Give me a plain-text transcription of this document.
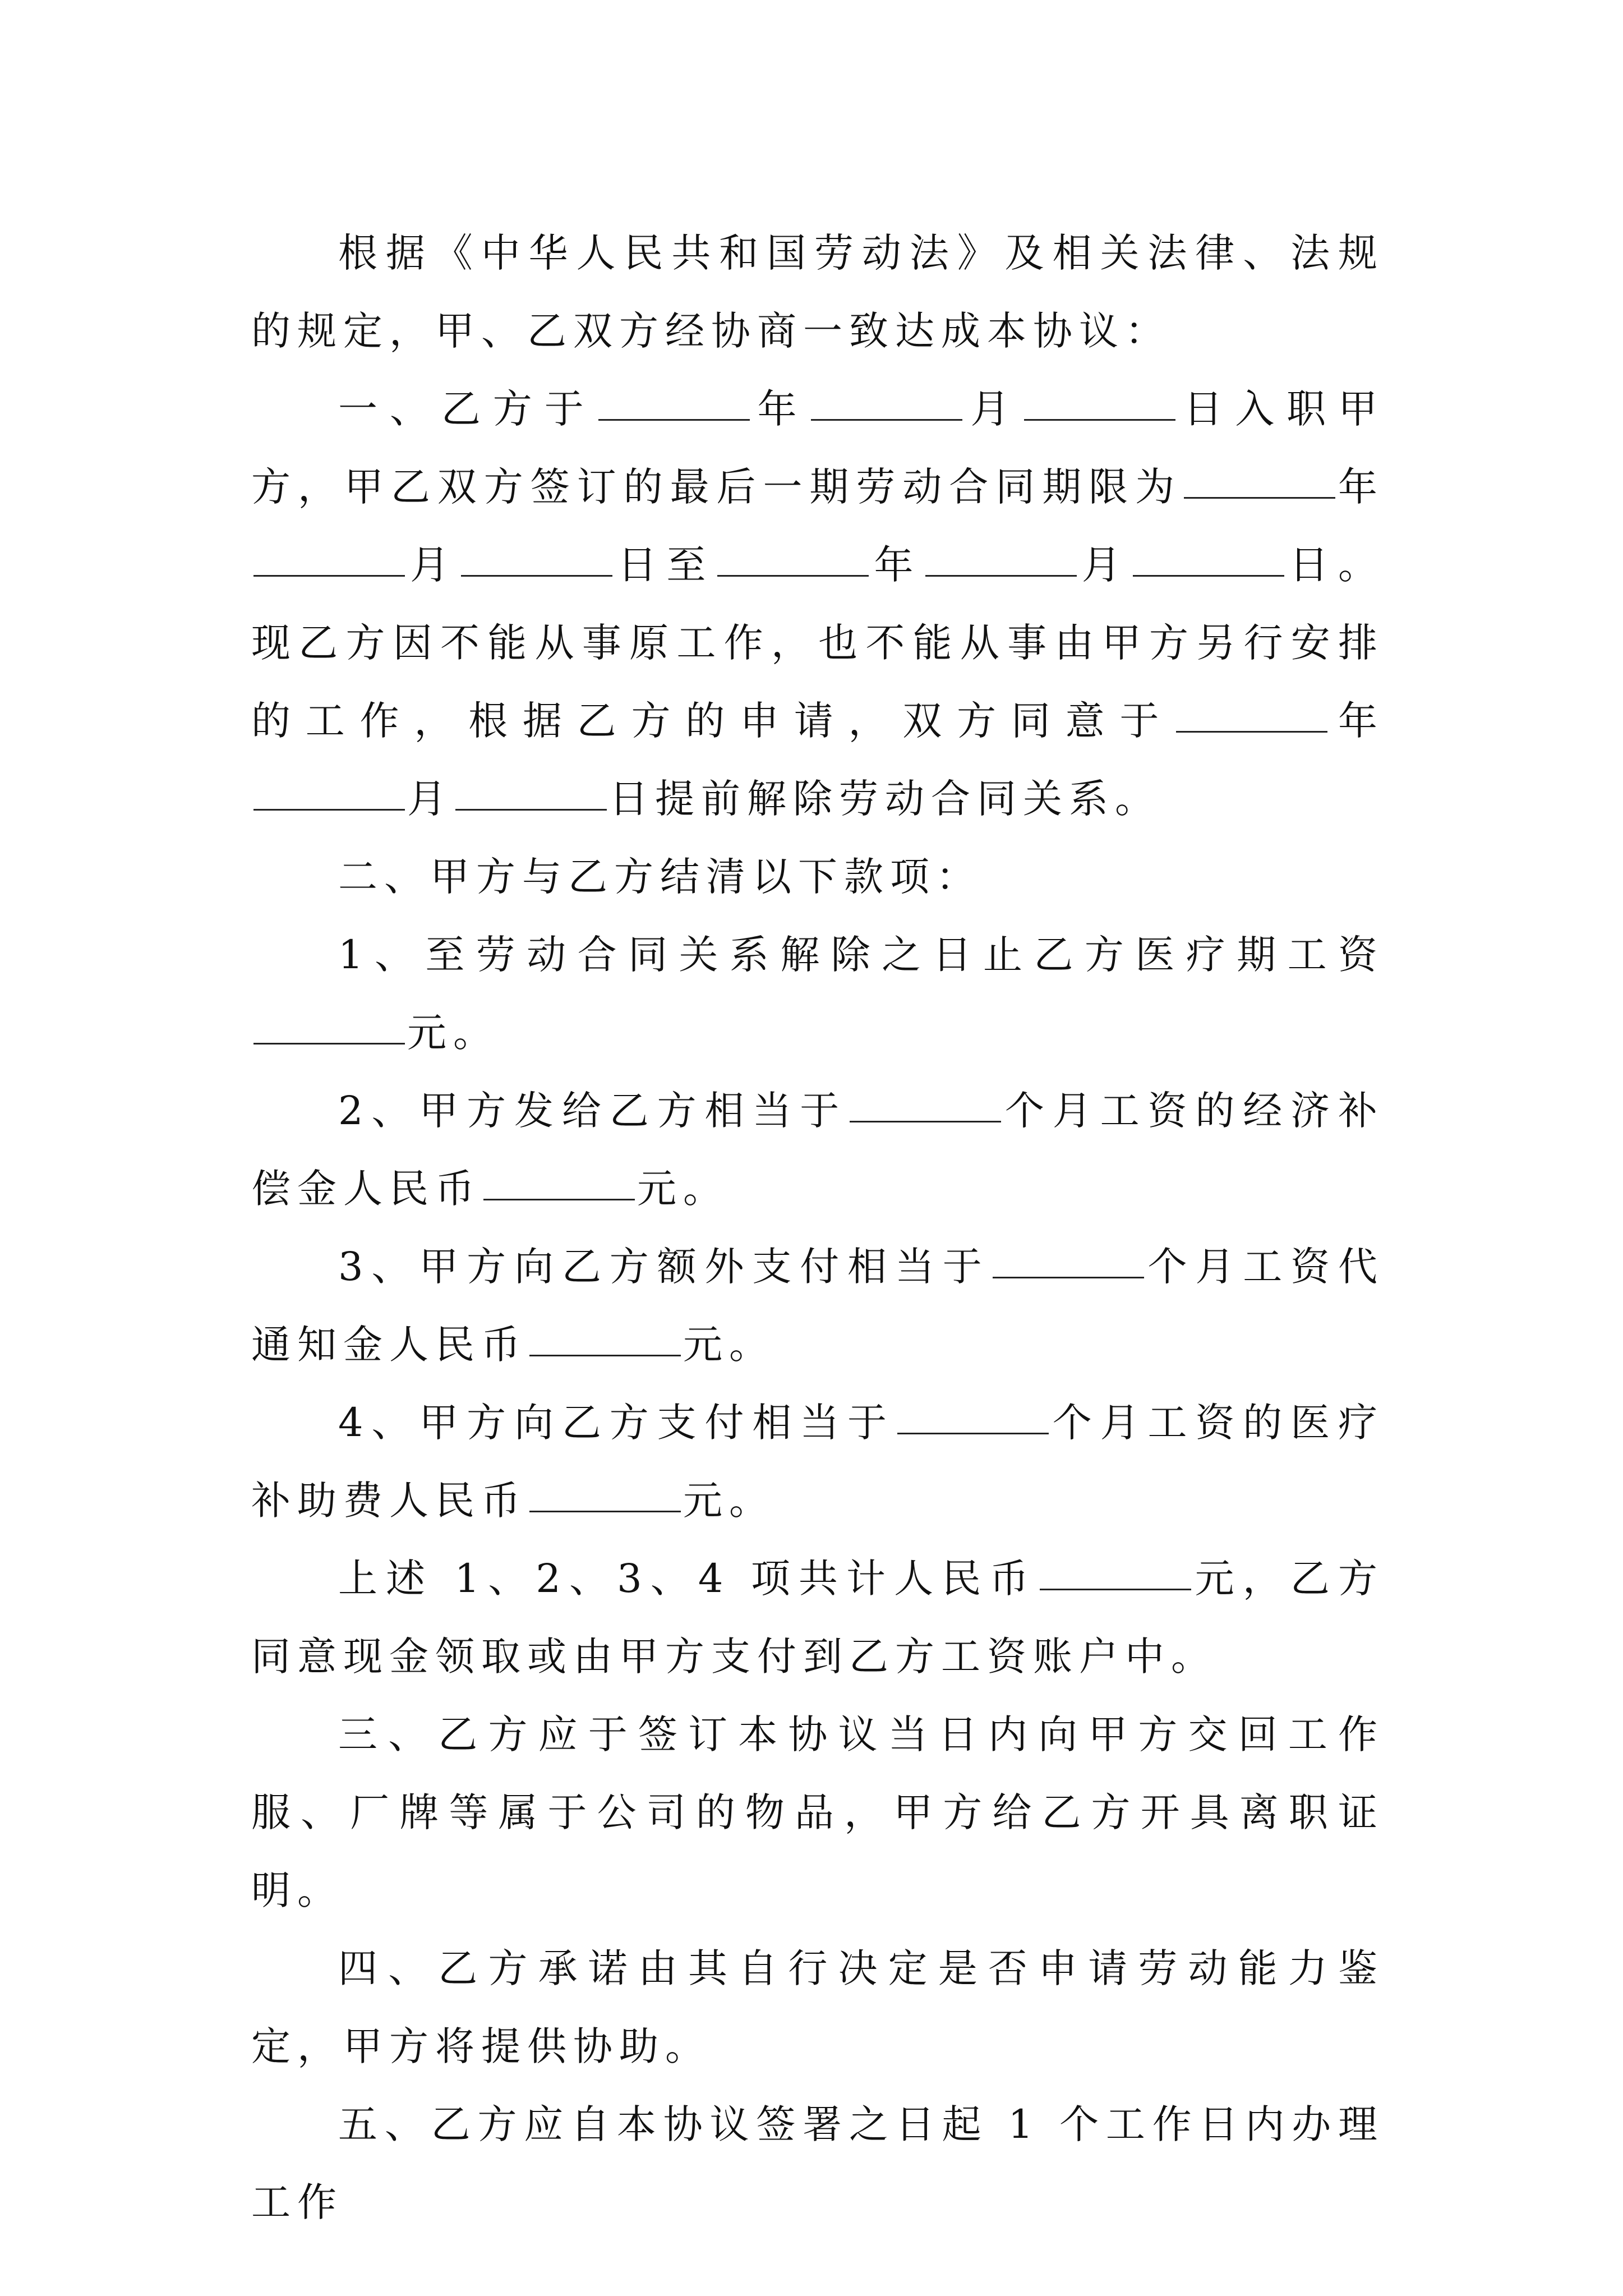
根据《中华人民共和国劳动法》及相关法律、法规的规定，甲、乙双方经协商一致达成本协议：

一、乙方于	年	月	日入职甲方，甲乙双方签订的最后一期劳动合同期限为	年月	日至	年	月	日。现乙方因不能从事原工作，也不能从事由甲方另行安排的工作，根据乙方的申请，双方同意于	年月	日提前解除劳动合同关系。

二、甲方与乙方结清以下款项：

1、至劳动合同关系解除之日止乙方医疗期工资元。

2、甲方发给乙方相当于	个月工资的经济补偿金人民币	元。

3、甲方向乙方额外支付相当于	个月工资代通知金人民币	元。

4、甲方向乙方支付相当于	个月工资的医疗补助费人民币	元。

上述 1、2、3、4 项共计人民币	元，乙方同意现金领取或由甲方支付到乙方工资账户中。

三、乙方应于签订本协议当日内向甲方交回工作服、厂牌等属于公司的物品，甲方给乙方开具离职证明。

四、乙方承诺由其自行决定是否申请劳动能力鉴定，甲方将提供协助。

五、乙方应自本协议签署之日起 1 个工作日内办理工作
